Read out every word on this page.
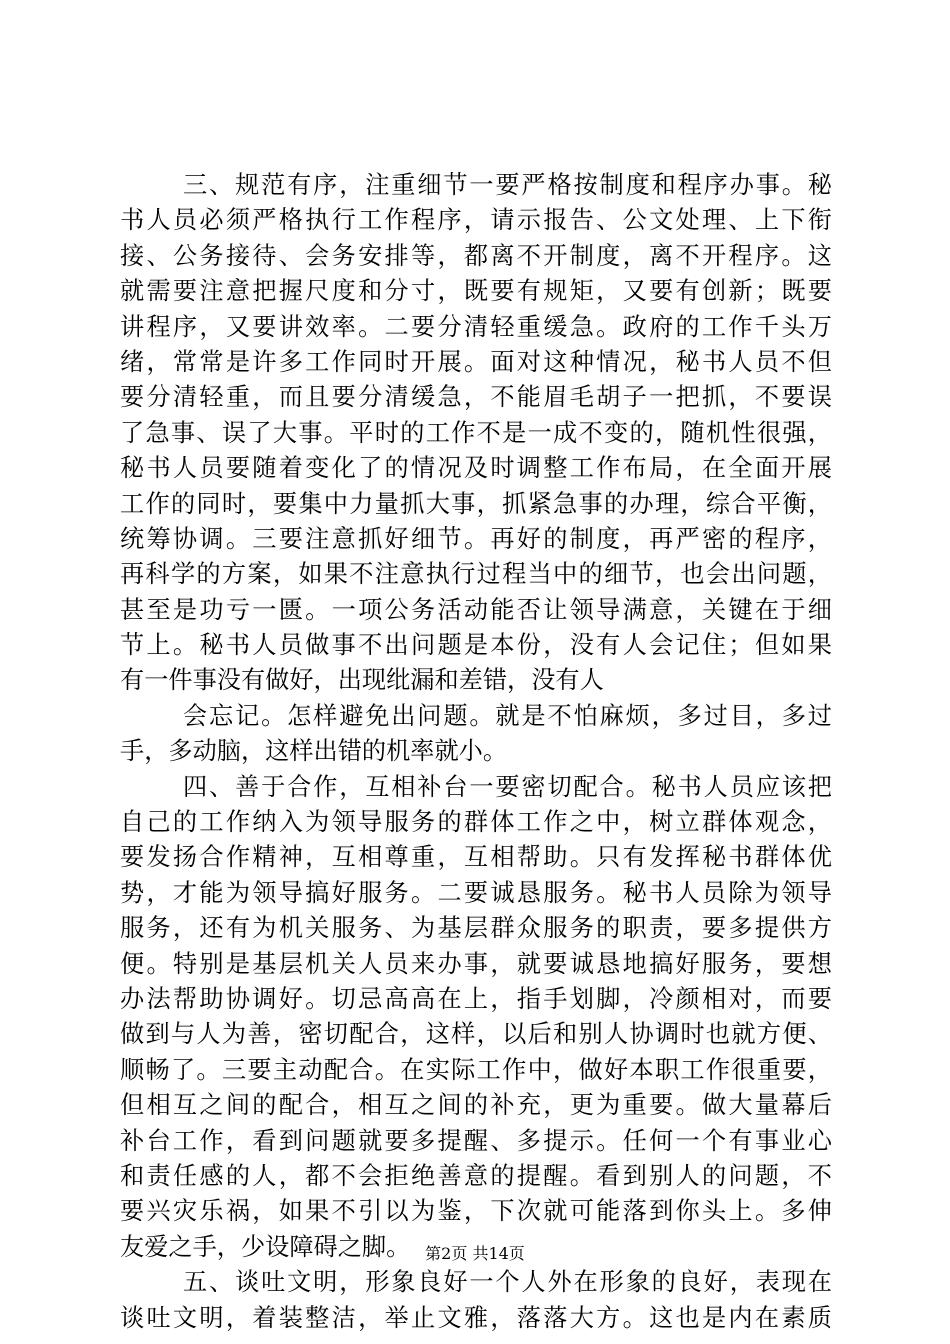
三、规范有序，注重细节一要严格按制度和程序办事。秘
书人员必须严格执行工作程序，请示报告、公文处理、上下衔
接、公务接待、会务安排等，都离不开制度，离不开程序。这
就需要注意把握尺度和分寸，既要有规矩，又要有创新；既要
讲程序，又要讲效率。二要分清轻重缓急。政府的工作千头万
绪，常常是许多工作同时开展。面对这种情况，秘书人员不但
要分清轻重，而且要分清缓急，不能眉毛胡子一把抓，不要误
了急事、误了大事。平时的工作不是一成不变的，随机性很强，
秘书人员要随着变化了的情况及时调整工作布局，在全面开展
工作的同时，要集中力量抓大事，抓紧急事的办理，综合平衡，
统筹协调。三要注意抓好细节。再好的制度，再严密的程序，
再科学的方案，如果不注意执行过程当中的细节，也会出问题，
甚至是功亏一匮。一项公务活动能否让领导满意，关键在于细
节上。秘书人员做事不出问题是本份，没有人会记住；但如果
有一件事没有做好，出现纰漏和差错，没有人
会忘记。怎样避免出问题。就是不怕麻烦，多过目，多过
手，多动脑，这样出错的机率就小。
四、善于合作，互相补台一要密切配合。秘书人员应该把
自己的工作纳入为领导服务的群体工作之中，树立群体观念，
要发扬合作精神，互相尊重，互相帮助。只有发挥秘书群体优
势，才能为领导搞好服务。二要诚恳服务。秘书人员除为领导
服务，还有为机关服务、为基层群众服务的职责，要多提供方
便。特别是基层机关人员来办事，就要诚恳地搞好服务，要想
办法帮助协调好。切忌高高在上，指手划脚，冷颜相对，而要
做到与人为善，密切配合，这样，以后和别人协调时也就方便、
顺畅了。三要主动配合。在实际工作中，做好本职工作很重要，
但相互之间的配合，相互之间的补充，更为重要。做大量幕后
补台工作，看到问题就要多提醒、多提示。任何一个有事业心
和责任感的人，都不会拒绝善意的提醒。看到别人的问题，不
要兴灾乐祸，如果不引以为鉴，下次就可能落到你头上。多伸
友爱之手，少设障碍之脚。
五、谈吐文明，形象良好一个人外在形象的良好，表现在
谈吐文明，着装整洁，举止文雅，落落大方。这也是内在素质
第2页 共14页
